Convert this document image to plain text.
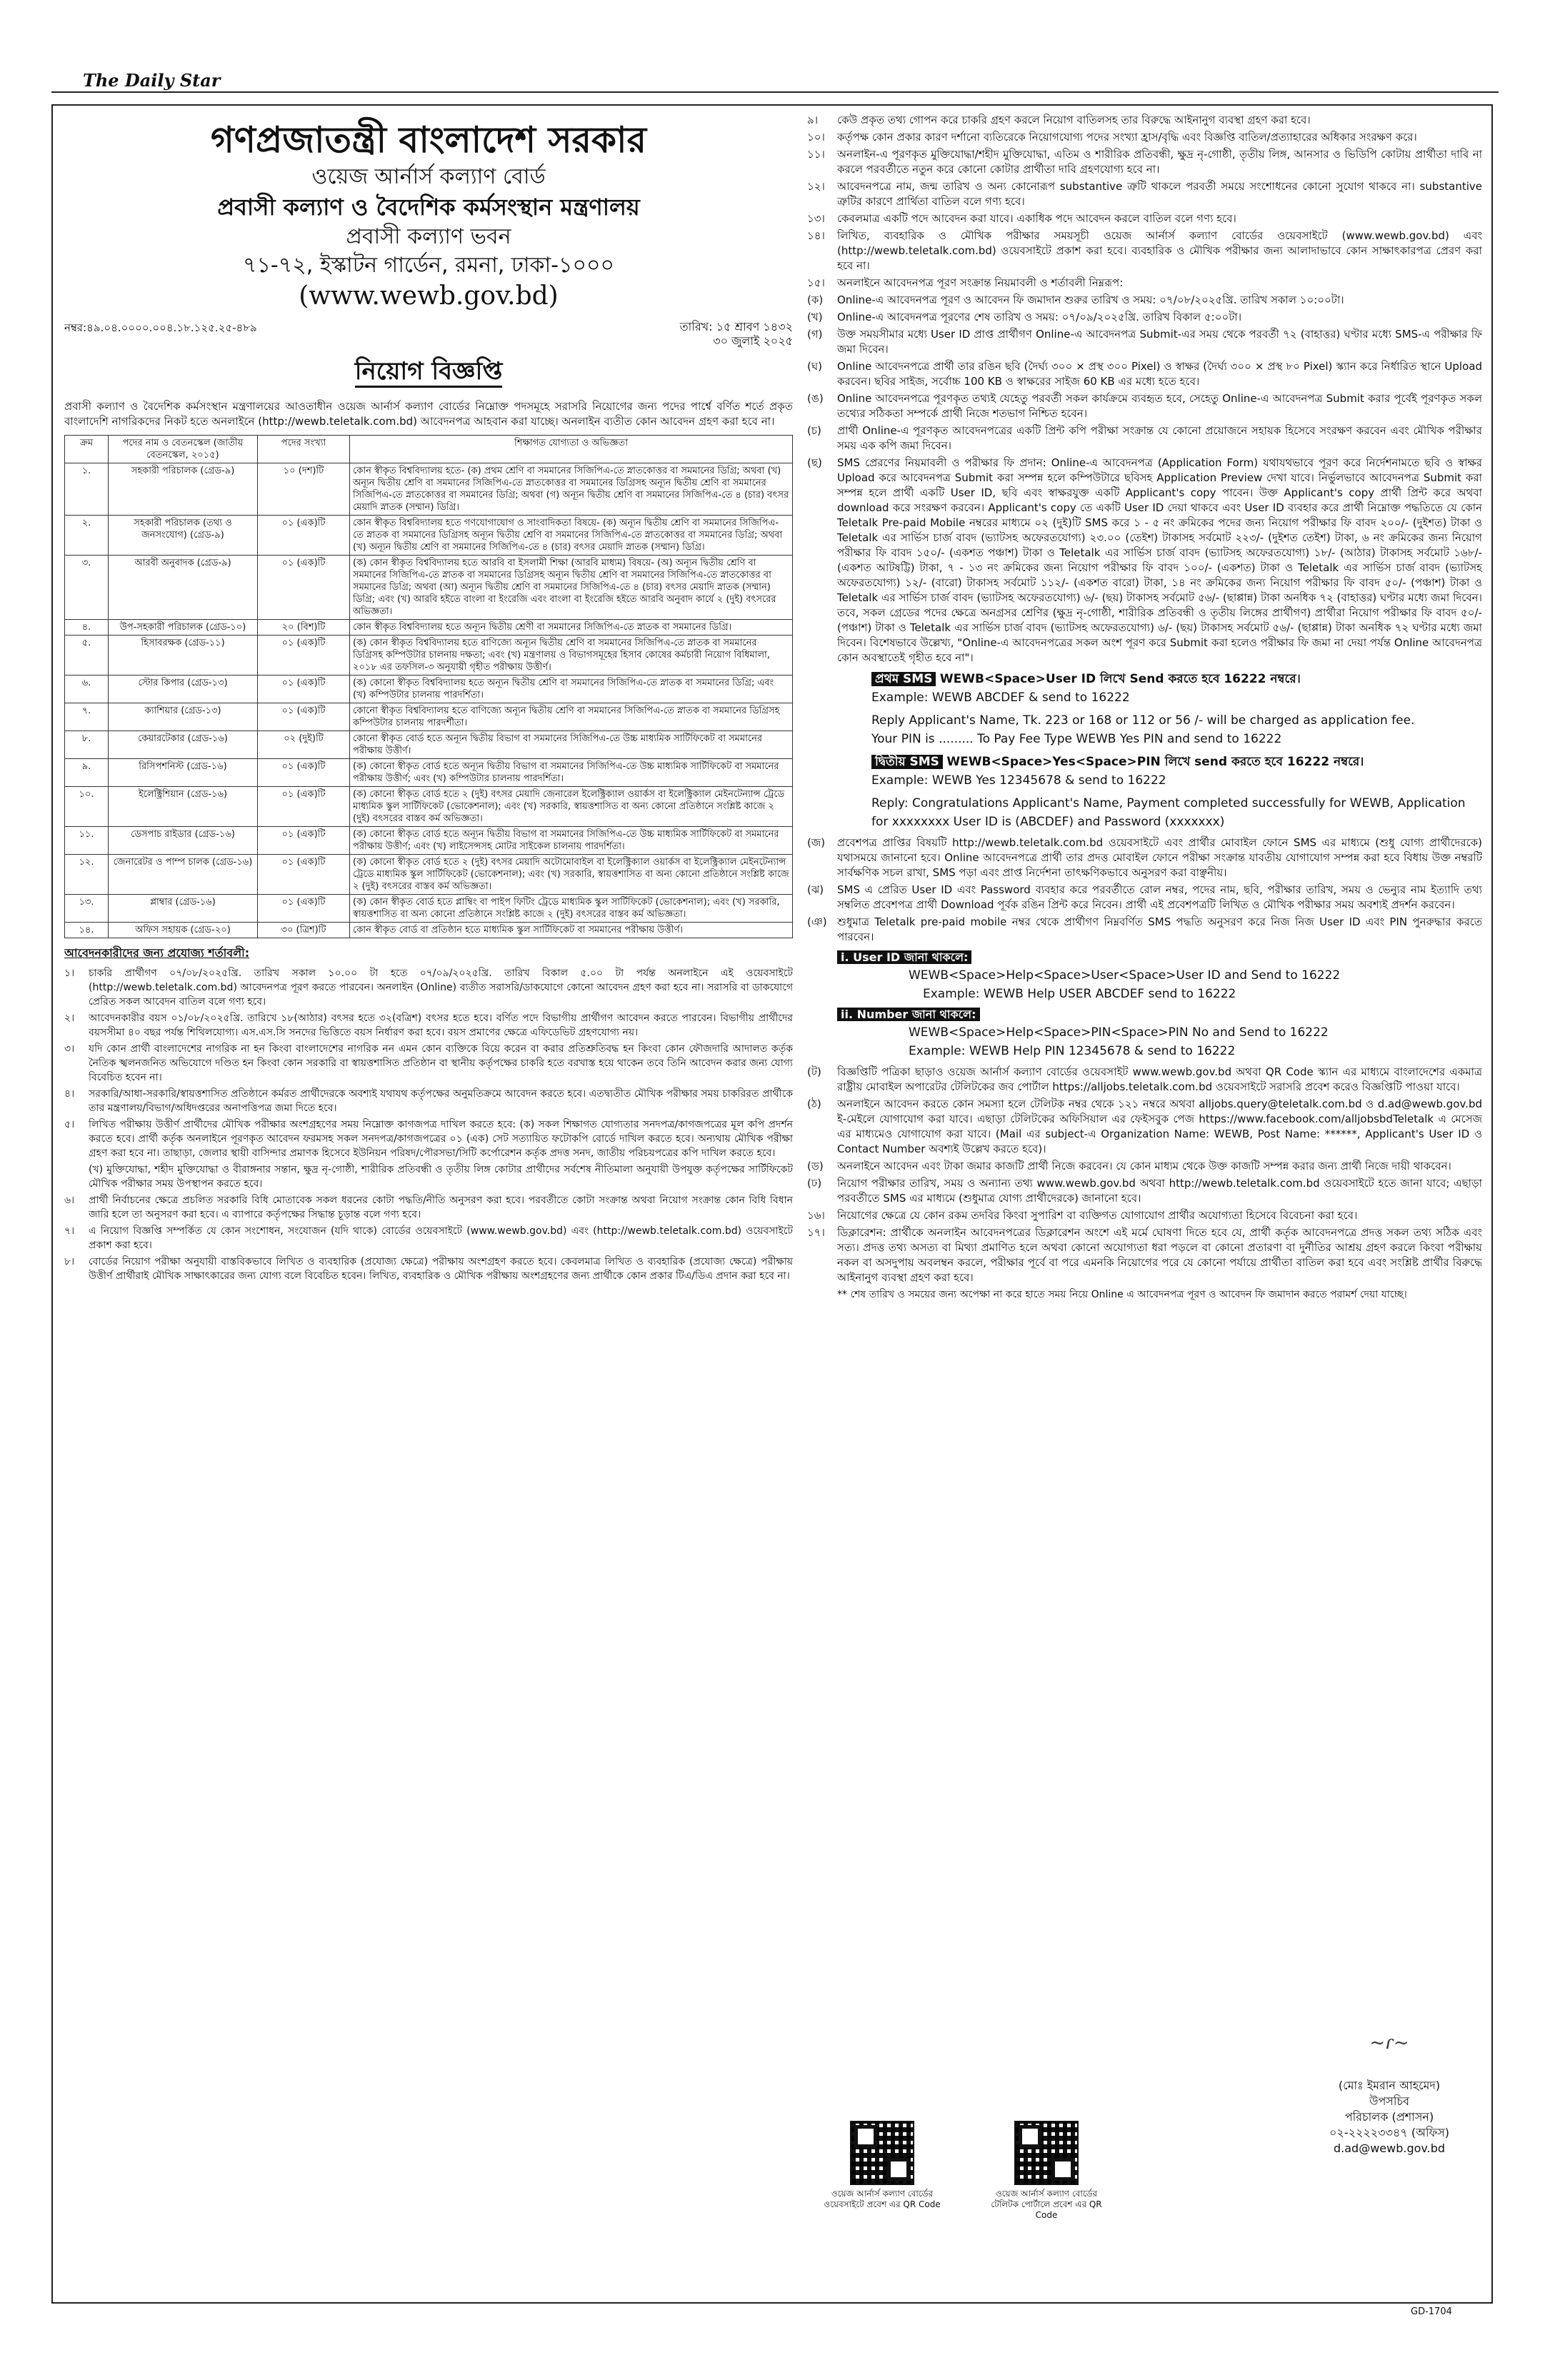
The Daily Star
গণপ্রজাতন্ত্রী বাংলাদেশ সরকার
ওয়েজ আর্নার্স কল্যাণ বোর্ড
প্রবাসী কল্যাণ ও বৈদেশিক কর্মসংস্থান মন্ত্রণালয়
প্রবাসী কল্যাণ ভবন
৭১-৭২, ইস্কাটন গার্ডেন, রমনা, ঢাকা-১০০০
(www.wewb.gov.bd)
নম্বর:৪৯.০৪.০০০০.০০৪.১৮.১২৫.২৫-৪৮৯	তারিখ: ১৫ শ্রাবণ ১৪৩২
৩০ জুলাই ২০২৫
নিয়োগ বিজ্ঞপ্তি
প্রবাসী কল্যাণ ও বৈদেশিক কর্মসংস্থান মন্ত্রণালয়ের আওতাধীন ওয়েজ আর্নার্স কল্যাণ বোর্ডের নিম্নোক্ত পদসমূহে সরাসরি নিয়োগের জন্য পদের পার্শ্বে বর্ণিত শর্তে প্রকৃত বাংলাদেশি নাগরিকদের নিকট হতে অনলাইনে (http://wewb.teletalk.com.bd) আবেদনপত্র আহবান করা যাচ্ছে। অনলাইন ব্যতীত কোন আবেদন গ্রহণ করা হবে না।
ক্রম	পদের নাম ও বেতনস্কেল (জাতীয় বেতনস্কেল, ২০১৫)	পদের সংখ্যা	শিক্ষাগত যোগ্যতা ও অভিজ্ঞতা
১.	সহকারী পরিচালক (গ্রেড-৯)	১০ (দশ)টি	কোন স্বীকৃত বিশ্ববিদ্যালয় হতে- (ক) প্রথম শ্রেণি বা সমমানের সিজিপিএ-তে স্নাতকোত্তর বা সমমানের ডিগ্রি; অথবা (খ) অন্যূন দ্বিতীয় শ্রেণি বা সমমানের সিজিপিএ-তে স্নাতকোত্তর বা সমমানের ডিগ্রিসহ অন্যূন দ্বিতীয় শ্রেণি বা সমমানের সিজিপিএ-তে স্নাতকোত্তর বা সমমানের ডিগ্রি; অথবা (গ) অন্যূন দ্বিতীয় শ্রেণি বা সমমানের সিজিপিএ-তে ৪ (চার) বৎসর মেয়াদি স্নাতক (সম্মান) ডিগ্রি।
২.	সহকারী পরিচালক (তথ্য ও জনসংযোগ) (গ্রেড-৯)	০১ (এক)টি	কোন স্বীকৃত বিশ্ববিদ্যালয় হতে গণযোগাযোগ ও সাংবাদিকতা বিষয়ে- (ক) অন্যূন দ্বিতীয় শ্রেণি বা সমমানের সিজিপিএ-তে স্নাতক বা সমমানের ডিগ্রিসহ অন্যূন দ্বিতীয় শ্রেণি বা সমমানের সিজিপিএ-তে স্নাতকোত্তর বা সমমানের ডিগ্রি; অথবা (খ) অন্যূন দ্বিতীয় শ্রেণি বা সমমানের সিজিপিএ-তে ৪ (চার) বৎসর মেয়াদি স্নাতক (সম্মান) ডিগ্রি।
৩.	আরবী অনুবাদক (গ্রেড-৯)	০১ (এক)টি	(ক) কোন স্বীকৃত বিশ্ববিদ্যালয় হতে আরবি বা ইসলামী শিক্ষা (আরবি মাধ্যম) বিষয়ে- (অ) অন্যূন দ্বিতীয় শ্রেণি বা সমমানের সিজিপিএ-তে স্নাতক বা সমমানের ডিগ্রিসহ অন্যূন দ্বিতীয় শ্রেণি বা সমমানের সিজিপিএ-তে স্নাতকোত্তর বা সমমানের ডিগ্রি; অথবা (আ) অন্যূন দ্বিতীয় শ্রেণি বা সমমানের সিজিপিএ-তে ৪ (চার) বৎসর মেয়াদি স্নাতক (সম্মান) ডিগ্রি; এবং (খ) আরবি হইতে বাংলা বা ইংরেজি এবং বাংলা বা ইংরেজি হইতে আরবি অনুবাদ কার্যে ২ (দুই) বৎসরের অভিজ্ঞতা।
৪.	উপ-সহকারী পরিচালক (গ্রেড-১০)	২০ (বিশ)টি	কোন স্বীকৃত বিশ্ববিদ্যালয় হতে অন্যূন দ্বিতীয় শ্রেণী বা সমমানের সিজিপিএ-তে স্নাতক বা সমমানের ডিগ্রি।
৫.	হিসাবরক্ষক (গ্রেড-১১)	০১ (এক)টি	(ক) কোন স্বীকৃত বিশ্ববিদ্যালয় হতে বাণিজ্যে অন্যূন দ্বিতীয় শ্রেণি বা সমমানের সিজিপিএ-তে স্নাতক বা সমমানের ডিগ্রিসহ কম্পিউটার চালনায় দক্ষতা; এবং (খ) মন্ত্রণালয় ও বিভাগসমূহের হিসাব কোষের কর্মচারী নিয়োগ বিধিমালা, ২০১৮ এর তফসিল-৩ অনুযায়ী গৃহীত পরীক্ষায় উত্তীর্ণ।
৬.	স্টোর কিপার (গ্রেড-১৩)	০১ (এক)টি	(ক) কোনো স্বীকৃত বিশ্ববিদ্যালয় হতে অন্যূন দ্বিতীয় শ্রেণি বা সমমানের সিজিপিএ-তে স্নাতক বা সমমানের ডিগ্রি; এবং (খ) কম্পিউটার চালনায় পারদর্শিতা।
৭.	ক্যাশিয়ার (গ্রেড-১৩)	০১ (এক)টি	কোনো স্বীকৃত বিশ্ববিদ্যালয় হতে বাণিজ্যে অন্যূন দ্বিতীয় শ্রেণি বা সমমানের সিজিপিএ-তে স্নাতক বা সমমানের ডিগ্রিসহ কম্পিউটার চালনায় পারদর্শীতা।
৮.	কেয়ারটেকার (গ্রেড-১৬)	০২ (দুই)টি	কোনো স্বীকৃত বোর্ড হতে অন্যূন দ্বিতীয় বিভাগ বা সমমানের সিজিপিএ-তে উচ্চ মাধ্যমিক সার্টিফিকেট বা সমমানের পরীক্ষায় উত্তীর্ণ।
৯.	রিসিপশনিস্ট (গ্রেড-১৬)	০১ (এক)টি	(ক) কোনো স্বীকৃত বোর্ড হতে অন্যূন দ্বিতীয় বিভাগ বা সমমানের সিজিপিএ-তে উচ্চ মাধ্যমিক সার্টিফিকেট বা সমমানের পরীক্ষায় উত্তীর্ণ; এবং (খ) কম্পিউটার চালনায় পারদর্শিতা।
১০.	ইলেক্ট্রিশিয়ান (গ্রেড-১৬)	০১ (এক)টি	(ক) কোনো স্বীকৃত বোর্ড হতে ২ (দুই) বৎসর মেয়াদি জেনারেল ইলেক্ট্রিক্যাল ওয়ার্কস বা ইলেক্ট্রিক্যাল মেইনটেন্যান্স ট্রেডে মাধ্যমিক স্কুল সার্টিফিকেট (ভোকেশনাল); এবং (খ) সরকারি, স্বায়ত্তশাসিত বা অন্য কোনো প্রতিষ্ঠানে সংশ্লিষ্ট কাজে ২ (দুই) বৎসরের বাস্তব কর্ম অভিজ্ঞতা।
১১.	ডেসপাচ রাইডার (গ্রেড-১৬)	০১ (এক)টি	(ক) কোনো স্বীকৃত বোর্ড হতে অন্যূন দ্বিতীয় বিভাগ বা সমমানের সিজিপিএ-তে উচ্চ মাধ্যমিক সার্টিফিকেট বা সমমানের পরীক্ষায় উত্তীর্ণ; এবং (খ) লাইসেন্সসহ মোটর সাইকেল চালনায় পারদর্শিতা।
১২.	জেনারেটর ও পাম্প চালক (গ্রেড-১৬)	০১ (এক)টি	(ক) কোনো স্বীকৃত বোর্ড হতে ২ (দুই) বৎসর মেয়াদি অটোমোবাইল বা ইলেক্ট্রিক্যাল ওয়ার্কস বা ইলেক্ট্রিক্যাল মেইনটেন্যান্স ট্রেডে মাধ্যমিক স্কুল সার্টিফিকেট (ভোকেশনাল); এবং (খ) সরকারি, স্বায়ত্তশাসিত বা অন্য কোনো প্রতিষ্ঠানে সংশ্লিষ্ট কাজে ২ (দুই) বৎসরের বাস্তব কর্ম অভিজ্ঞতা।
১৩.	প্লাম্বার (গ্রেড-১৬)	০১ (এক)টি	(ক) কোন স্বীকৃত বোর্ড হতে প্লাম্বিং বা পাইপ ফিটিং ট্রেডে মাধ্যমিক স্কুল সার্টিফিকেট (ভোকেশনাল); এবং (খ) সরকারি, স্বায়ত্তশাসিত বা অন্য কোনো প্রতিষ্ঠানে সংশ্লিষ্ট কাজে ২ (দুই) বৎসরের বাস্তব কর্ম অভিজ্ঞতা।
১৪.	অফিস সহায়ক (গ্রেড-২০)	৩০ (ত্রিশ)টি	কোন স্বীকৃত বোর্ড বা প্রতিষ্ঠান হতে মাধ্যমিক স্কুল সার্টিফিকেট বা সমমানের পরীক্ষায় উত্তীর্ণ।
আবেদনকারীদের জন্য প্রযোজ্য শর্তাবলী:
১।	চাকরি প্রার্থীগণ ০৭/০৮/২০২৫খ্রি. তারিখ সকাল ১০.০০ টা হতে ০৭/০৯/২০২৫খ্রি. তারিখ বিকাল ৫.০০ টা পর্যন্ত অনলাইনে এই ওয়েবসাইটে (http://wewb.teletalk.com.bd) আবেদনপত্র পূরণ করতে পারবেন। অনলাইন (Online) ব্যতীত সরাসরি/ডাকযোগে কোনো আবেদন গ্রহণ করা হবে না। সরাসরি বা ডাকযোগে প্রেরিত সকল আবেদন বাতিল বলে গণ্য হবে।
২।	আবেদনকারীর বয়স ০১/০৮/২০২৫খ্রি. তারিখে ১৮(আঠার) বৎসর হতে ৩২(বত্রিশ) বৎসর হতে হবে। বর্ণিত পদে বিভাগীয় প্রার্থীগণ আবেদন করতে পারবেন। বিভাগীয় প্রার্থীদের বয়সসীমা ৪০ বছর পর্যন্ত শিথিলযোগ্য। এস.এস.সি সনদের ভিত্তিতে বয়স নির্ধারণ করা হবে। বয়স প্রমাণের ক্ষেত্রে এফিডেভিট গ্রহণযোগ্য নয়।
৩।	যদি কোন প্রার্থী বাংলাদেশের নাগরিক না হন কিংবা বাংলাদেশের নাগরিক নন এমন কোন ব্যক্তিকে বিয়ে করেন বা করার প্রতিশ্রুতিবদ্ধ হন কিংবা কোন ফৌজদারি আদালত কর্তৃক নৈতিক স্খলনজনিত অভিযোগে দণ্ডিত হন কিংবা কোন সরকারি বা স্বায়ত্তশাসিত প্রতিষ্ঠান বা স্থানীয় কর্তৃপক্ষের চাকরি হতে বরখাস্ত হয়ে থাকেন তবে তিনি আবেদন করার জন্য যোগ্য বিবেচিত হবেন না।
৪।	সরকারি/আধা-সরকারি/স্বায়ত্তশাসিত প্রতিষ্ঠানে কর্মরত প্রার্থীদেরকে অবশ্যই যথাযথ কর্তৃপক্ষের অনুমতিক্রমে আবেদন করতে হবে। এতদ্ব্যতীত মৌখিক পরীক্ষার সময় চাকরিরত প্রার্থীকে তার মন্ত্রণালয়/বিভাগ/অধিদপ্তরের অনাপত্তিপত্র জমা দিতে হবে।
৫।	লিখিত পরীক্ষায় উত্তীর্ণ প্রার্থীদের মৌখিক পরীক্ষার অংশগ্রহণের সময় নিম্নোক্ত কাগজপত্র দাখিল করতে হবে: (ক) সকল শিক্ষাগত যোগ্যতার সনদপত্র/কাগজপত্রের মূল কপি প্রদর্শন করতে হবে। প্রার্থী কর্তৃক অনলাইনে পূরণকৃত আবেদন ফরমসহ সকল সনদপত্র/কাগজপত্রের ০১ (এক) সেট সত্যায়িত ফটোকপি বোর্ডে দাখিল করতে হবে। অন্যথায় মৌখিক পরীক্ষা গ্রহণ করা হবে না। তাছাড়া, জেলার স্থায়ী বাসিন্দার প্রমাণক হিসেবে ইউনিয়ন পরিষদ/পৌরসভা/সিটি কর্পোরেশন কর্তৃক প্রদত্ত সনদ, জাতীয় পরিচয়পত্রের কপি দাখিল করতে হবে।
(খ) মুক্তিযোদ্ধা, শহীদ মুক্তিযোদ্ধা ও বীরাঙ্গনার সন্তান, ক্ষুদ্র নৃ-গোষ্ঠী, শারীরিক প্রতিবন্ধী ও তৃতীয় লিঙ্গ কোটার প্রার্থীদের সর্বশেষ নীতিমালা অনুযায়ী উপযুক্ত কর্তৃপক্ষের সার্টিফিকেট মৌখিক পরীক্ষার সময় উপস্থাপন করতে হবে।
৬।	প্রার্থী নির্বাচনের ক্ষেত্রে প্রচলিত সরকারি বিধি মোতাবেক সকল ধরনের কোটা পদ্ধতি/নীতি অনুসরণ করা হবে। পরবর্তীতে কোটা সংক্রান্ত অথবা নিয়োগ সংক্রান্ত কোন বিধি বিধান জারি হলে তা অনুসরণ করা হবে। এ ব্যাপারে কর্তৃপক্ষের সিদ্ধান্ত চূড়ান্ত বলে গণ্য হবে।
৭।	এ নিয়োগ বিজ্ঞপ্তি সম্পর্কিত যে কোন সংশোধন, সংযোজন (যদি থাকে) বোর্ডের ওয়েবসাইটে (www.wewb.gov.bd) এবং (http://wewb.teletalk.com.bd) ওয়েবসাইটে প্রকাশ করা হবে।
৮।	বোর্ডের নিয়োগ পরীক্ষা অনুযায়ী বাস্তবিকভাবে লিখিত ও ব্যবহারিক (প্রযোজ্য ক্ষেত্রে) পরীক্ষায় অংশগ্রহণ করতে হবে। কেবলমাত্র লিখিত ও ব্যবহারিক (প্রযোজ্য ক্ষেত্রে) পরীক্ষায় উত্তীর্ণ প্রার্থীরাই মৌখিক সাক্ষাৎকারের জন্য যোগ্য বলে বিবেচিত হবেন। লিখিত, ব্যবহারিক ও মৌখিক পরীক্ষায় অংশগ্রহণের জন্য প্রার্থীকে কোন প্রকার টিএ/ডিএ প্রদান করা হবে না।
৯।	কেউ প্রকৃত তথ্য গোপন করে চাকরি গ্রহণ করলে নিয়োগ বাতিলসহ তার বিরুদ্ধে আইনানুগ ব্যবস্থা গ্রহণ করা হবে।
১০।	কর্তৃপক্ষ কোন প্রকার কারণ দর্শানো ব্যতিরেকে নিয়োগযোগ্য পদের সংখ্যা হ্রাস/বৃদ্ধি এবং বিজ্ঞপ্তি বাতিল/প্রত্যাহারের অধিকার সংরক্ষণ করে।
১১।	অনলাইন-এ পূরণকৃত মুক্তিযোদ্ধা/শহীদ মুক্তিযোদ্ধা, এতিম ও শারীরিক প্রতিবন্ধী, ক্ষুদ্র নৃ-গোষ্ঠী, তৃতীয় লিঙ্গ, আনসার ও ভিডিপি কোটায় প্রার্থীতা দাবি না করলে পরবর্তীতে নতুন করে কোনো কোটার প্রার্থীতা দাবি গ্রহণযোগ্য হবে না।
১২।	আবেদনপত্রে নাম, জন্ম তারিখ ও অন্য কোনোরূপ substantive ত্রুটি থাকলে পরবর্তী সময়ে সংশোধনের কোনো সুযোগ থাকবে না। substantive ত্রুটির কারণে প্রার্থিতা বাতিল বলে গণ্য হবে।
১৩।	কেবলমাত্র একটি পদে আবেদন করা যাবে। একাধিক পদে আবেদন করলে বাতিল বলে গণ্য হবে।
১৪।	লিখিত, ব্যবহারিক ও মৌখিক পরীক্ষার সময়সূচী ওয়েজ আর্নার্স কল্যাণ বোর্ডের ওয়েবসাইটে (www.wewb.gov.bd) এবং (http://wewb.teletalk.com.bd) ওয়েবসাইটে প্রকাশ করা হবে। ব্যবহারিক ও মৌখিক পরীক্ষার জন্য আলাদাভাবে কোন সাক্ষাৎকারপত্র প্রেরণ করা হবে না।
১৫।	অনলাইনে আবেদনপত্র পূরণ সংক্রান্ত নিয়মাবলী ও শর্তাবলী নিম্নরূপ:
(ক)	Online-এ আবেদনপত্র পূরণ ও আবেদন ফি জমাদান শুরুর তারিখ ও সময়: ০৭/০৮/২০২৫খ্রি. তারিখ সকাল ১০:০০টা।
(খ)	Online-এ আবেদনপত্র পূরণের শেষ তারিখ ও সময়: ০৭/০৯/২০২৫খ্রি. তারিখ বিকাল ৫:০০টা।
(গ)	উক্ত সময়সীমার মধ্যে User ID প্রাপ্ত প্রার্থীগণ Online-এ আবেদনপত্র Submit-এর সময় থেকে পরবর্তী ৭২ (বাহাত্তর) ঘণ্টার মধ্যে SMS-এ পরীক্ষার ফি জমা দিবেন।
(ঘ)	Online আবেদনপত্রে প্রার্থী তার রঙিন ছবি (দৈর্ঘ্য ৩০০ × প্রস্থ ৩০০ Pixel) ও স্বাক্ষর (দৈর্ঘ্য ৩০০ × প্রস্থ ৮০ Pixel) স্ক্যান করে নির্ধারিত স্থানে Upload করবেন। ছবির সাইজ, সর্বোচ্চ 100 KB ও স্বাক্ষরের সাইজ 60 KB এর মধ্যে হতে হবে।
(ঙ)	Online আবেদনপত্রে পূরণকৃত তথ্যই যেহেতু পরবর্তী সকল কার্যক্রমে ব্যবহৃত হবে, সেহেতু Online-এ আবেদনপত্র Submit করার পূর্বেই পূরণকৃত সকল তথ্যের সঠিকতা সম্পর্কে প্রার্থী নিজে শতভাগ নিশ্চিত হবেন।
(চ)	প্রার্থী Online-এ পূরণকৃত আবেদনপত্রের একটি প্রিন্ট কপি পরীক্ষা সংক্রান্ত যে কোনো প্রয়োজনে সহায়ক হিসেবে সংরক্ষণ করবেন এবং মৌখিক পরীক্ষার সময় এক কপি জমা দিবেন।
(ছ)	SMS প্রেরণের নিয়মাবলী ও পরীক্ষার ফি প্রদান: Online-এ আবেদনপত্র (Application Form) যথাযথভাবে পূরণ করে নির্দেশনামতে ছবি ও স্বাক্ষর Upload করে আবেদনপত্র Submit করা সম্পন্ন হলে কম্পিউটারে ছবিসহ Application Preview দেখা যাবে। নির্ভুলভাবে আবেদনপত্র Submit করা সম্পন্ন হলে প্রার্থী একটি User ID, ছবি এবং স্বাক্ষরযুক্ত একটি Applicant's copy পাবেন। উক্ত Applicant's copy প্রার্থী প্রিন্ট করে অথবা download করে সংরক্ষণ করবেন। Applicant's copy তে একটি User ID দেয়া থাকবে এবং User ID ব্যবহার করে প্রার্থী নিম্নোক্ত পদ্ধতিতে যে কোন Teletalk Pre-paid Mobile নম্বরের মাধ্যমে ০২ (দুই)টি SMS করে ১ - ৫ নং ক্রমিকের পদের জন্য নিয়োগ পরীক্ষার ফি বাবদ ২০০/- (দুইশত) টাকা ও Teletalk এর সার্ভিস চার্জ বাবদ (ভ্যাটসহ অফেরতযোগ্য) ২৩.০০ (তেইশ) টাকাসহ সর্বমোট ২২৩/- (দুইশত তেইশ) টাকা, ৬ নং ক্রমিকের জন্য নিয়োগ পরীক্ষার ফি বাবদ ১৫০/- (একশত পঞ্চাশ) টাকা ও Teletalk এর সার্ভিস চার্জ বাবদ (ভ্যাটসহ অফেরতযোগ্য) ১৮/- (আঠার) টাকাসহ সর্বমোট ১৬৮/- (একশত আটষট্টি) টাকা, ৭ - ১৩ নং ক্রমিকের জন্য নিয়োগ পরীক্ষার ফি বাবদ ১০০/- (একশত) টাকা ও Teletalk এর সার্ভিস চার্জ বাবদ (ভ্যাটসহ অফেরতযোগ্য) ১২/- (বারো) টাকাসহ সর্বমোট ১১২/- (একশত বারো) টাকা, ১৪ নং ক্রমিকের জন্য নিয়োগ পরীক্ষার ফি বাবদ ৫০/- (পঞ্চাশ) টাকা ও Teletalk এর সার্ভিস চার্জ বাবদ (ভ্যাটসহ অফেরতযোগ্য) ৬/- (ছয়) টাকাসহ সর্বমোট ৫৬/- (ছাপ্পান্ন) টাকা অনধিক ৭২ (বাহাত্তর) ঘণ্টার মধ্যে জমা দিবেন। তবে, সকল গ্রেডের পদের ক্ষেত্রে অনগ্রসর শ্রেণির (ক্ষুদ্র নৃ-গোষ্ঠী, শারীরিক প্রতিবন্ধী ও তৃতীয় লিঙ্গের প্রার্থীগণ) প্রার্থীরা নিয়োগ পরীক্ষার ফি বাবদ ৫০/- (পঞ্চাশ) টাকা ও Teletalk এর সার্ভিস চার্জ বাবদ (ভ্যাটসহ অফেরতযোগ্য) ৬/- (ছয়) টাকাসহ সর্বমোট ৫৬/- (ছাপ্পান্ন) টাকা অনধিক ৭২ ঘণ্টার মধ্যে জমা দিবেন। বিশেষভাবে উল্লেখ্য, "Online-এ আবেদনপত্রের সকল অংশ পূরণ করে Submit করা হলেও পরীক্ষার ফি জমা না দেয়া পর্যন্ত Online আবেদনপত্র কোন অবস্থাতেই গৃহীত হবে না"।
প্রথম SMS WEWB<Space>User ID লিখে Send করতে হবে 16222 নম্বরে।
Example: WEWB ABCDEF & send to 16222
Reply Applicant's Name, Tk. 223 or 168 or 112 or 56 /- will be charged as application fee.
Your PIN is ......... To Pay Fee Type WEWB Yes PIN and send to 16222
দ্বিতীয় SMS WEWB<Space>Yes<Space>PIN লিখে send করতে হবে 16222 নম্বরে।
Example: WEWB Yes 12345678 & send to 16222
Reply: Congratulations Applicant's Name, Payment completed successfully for WEWB, Application for xxxxxxxx User ID is (ABCDEF) and Password (xxxxxxx)
(জ)	প্রবেশপত্র প্রাপ্তির বিষয়টি http://wewb.teletalk.com.bd ওয়েবসাইটে এবং প্রার্থীর মোবাইল ফোনে SMS এর মাধ্যমে (শুধু যোগ্য প্রার্থীদেরকে) যথাসময়ে জানানো হবে। Online আবেদনপত্রে প্রার্থী তার প্রদত্ত মোবাইল ফোনে পরীক্ষা সংক্রান্ত যাবতীয় যোগাযোগ সম্পন্ন করা হবে বিধায় উক্ত নম্বরটি সার্বক্ষণিক সচল রাখা, SMS পড়া এবং প্রাপ্ত নির্দেশনা তাৎক্ষণিকভাবে অনুসরণ করা বাঞ্ছনীয়।
(ঝ)	SMS এ প্রেরিত User ID এবং Password ব্যবহার করে পরবর্তীতে রোল নম্বর, পদের নাম, ছবি, পরীক্ষার তারিখ, সময় ও ভেন্যুর নাম ইত্যাদি তথ্য সম্বলিত প্রবেশপত্র প্রার্থী Download পূর্বক রঙিন প্রিন্ট করে নিবেন। প্রার্থী এই প্রবেশপত্রটি লিখিত ও মৌখিক পরীক্ষার সময় অবশ্যই প্রদর্শন করবেন।
(ঞ) শুধুমাত্র Teletalk pre-paid mobile নম্বর থেকে প্রার্থীগণ নিম্নবর্ণিত SMS পদ্ধতি অনুসরণ করে নিজ নিজ User ID এবং PIN পুনরুদ্ধার করতে পারবেন।
i. User ID জানা থাকলে:
WEWB<Space>Help<Space>User<Space>User ID and Send to 16222
Example: WEWB Help USER ABCDEF send to 16222
ii. Number জানা থাকলে:
WEWB<Space>Help<Space>PIN<Space>PIN No and Send to 16222
Example: WEWB Help PIN 12345678 & send to 16222
(ট)	বিজ্ঞপ্তিটি পত্রিকা ছাড়াও ওয়েজ আর্নার্স কল্যাণ বোর্ডের ওয়েবসাইট www.wewb.gov.bd অথবা QR Code স্ক্যান এর মাধ্যমে বাংলাদেশের একমাত্র রাষ্ট্রীয় মোবাইল অপারেটর টেলিটকের জব পোর্টাল https://alljobs.teletalk.com.bd ওয়েবসাইটে সরাসরি প্রবেশ করেও বিজ্ঞপ্তিটি পাওয়া যাবে।
(ঠ)	অনলাইনে আবেদন করতে কোন সমস্যা হলে টেলিটক নম্বর থেকে ১২১ নম্বরে অথবা alljobs.query@teletalk.com.bd ও d.ad@wewb.gov.bd ই-মেইলে যোগাযোগ করা যাবে। এছাড়া টেলিটকের অফিসিয়াল এর ফেইসবুক পেজ https://www.facebook.com/alljobsbdTeletalk এ মেসেজ এর মাধ্যমেও যোগাযোগ করা যাবে। (Mail এর subject-এ Organization Name: WEWB, Post Name: ******, Applicant's User ID ও Contact Number অবশ্যই উল্লেখ করতে হবে)।
(ড)	অনলাইনে আবেদন এবং টাকা জমার কাজটি প্রার্থী নিজে করবেন। যে কোন মাধ্যম থেকে উক্ত কাজটি সম্পন্ন করার জন্য প্রার্থী নিজে দায়ী থাকবেন।
(ঢ)	নিয়োগ পরীক্ষার তারিখ, সময় ও অন্যান্য তথ্য www.wewb.gov.bd অথবা http://wewb.teletalk.com.bd ওয়েবসাইটে হতে জানা যাবে; এছাড়া পরবর্তীতে SMS এর মাধ্যমে (শুধুমাত্র যোগ্য প্রার্থীদেরকে) জানানো হবে।
১৬।	নিয়োগের ক্ষেত্রে যে কোন রকম তদবির কিংবা সুপারিশ বা ব্যক্তিগত যোগাযোগ প্রার্থীর অযোগ্যতা হিসেবে বিবেচনা করা হবে।
১৭।	ডিক্লারেশন: প্রার্থীকে অনলাইন আবেদনপত্রের ডিক্লারেশন অংশে এই মর্মে ঘোষণা দিতে হবে যে, প্রার্থী কর্তৃক আবেদনপত্রে প্রদত্ত সকল তথ্য সঠিক এবং সত্য। প্রদত্ত তথ্য অসত্য বা মিথ্যা প্রমাণিত হলে অথবা কোনো অযোগ্যতা ধরা পড়লে বা কোনো প্রতারণা বা দুর্নীতির আশ্রয় গ্রহণ করলে কিংবা পরীক্ষায় নকল বা অসদুপায় অবলম্বন করলে, পরীক্ষার পূর্বে বা পরে এমনকি নিয়োগের পরে যে কোনো পর্যায়ে প্রার্থীতা বাতিল করা হবে এবং সংশ্লিষ্ট প্রার্থীর বিরুদ্ধে আইনানুগ ব্যবস্থা গ্রহণ করা হবে।
** শেষ তারিখ ও সময়ের জন্য অপেক্ষা না করে হাতে সময় নিয়ে Online এ আবেদনপত্র পূরণ ও আবেদন ফি জমাদান করতে পরামর্শ দেয়া যাচ্ছে।
ওয়েজ আর্নার্স কল্যাণ বোর্ডের ওয়েবসাইটে প্রবেশ এর QR Code
ওয়েজ আর্নার্স কল্যাণ বোর্ডের টেলিটক পোর্টালে প্রবেশ এর QR Code
~ɾ~
(মোঃ ইমরান আহমেদ)
উপসচিব
পরিচালক (প্রশাসন)
০২-২২২২৩৩৪৭ (অফিস)
d.ad@wewb.gov.bd
GD-1704
